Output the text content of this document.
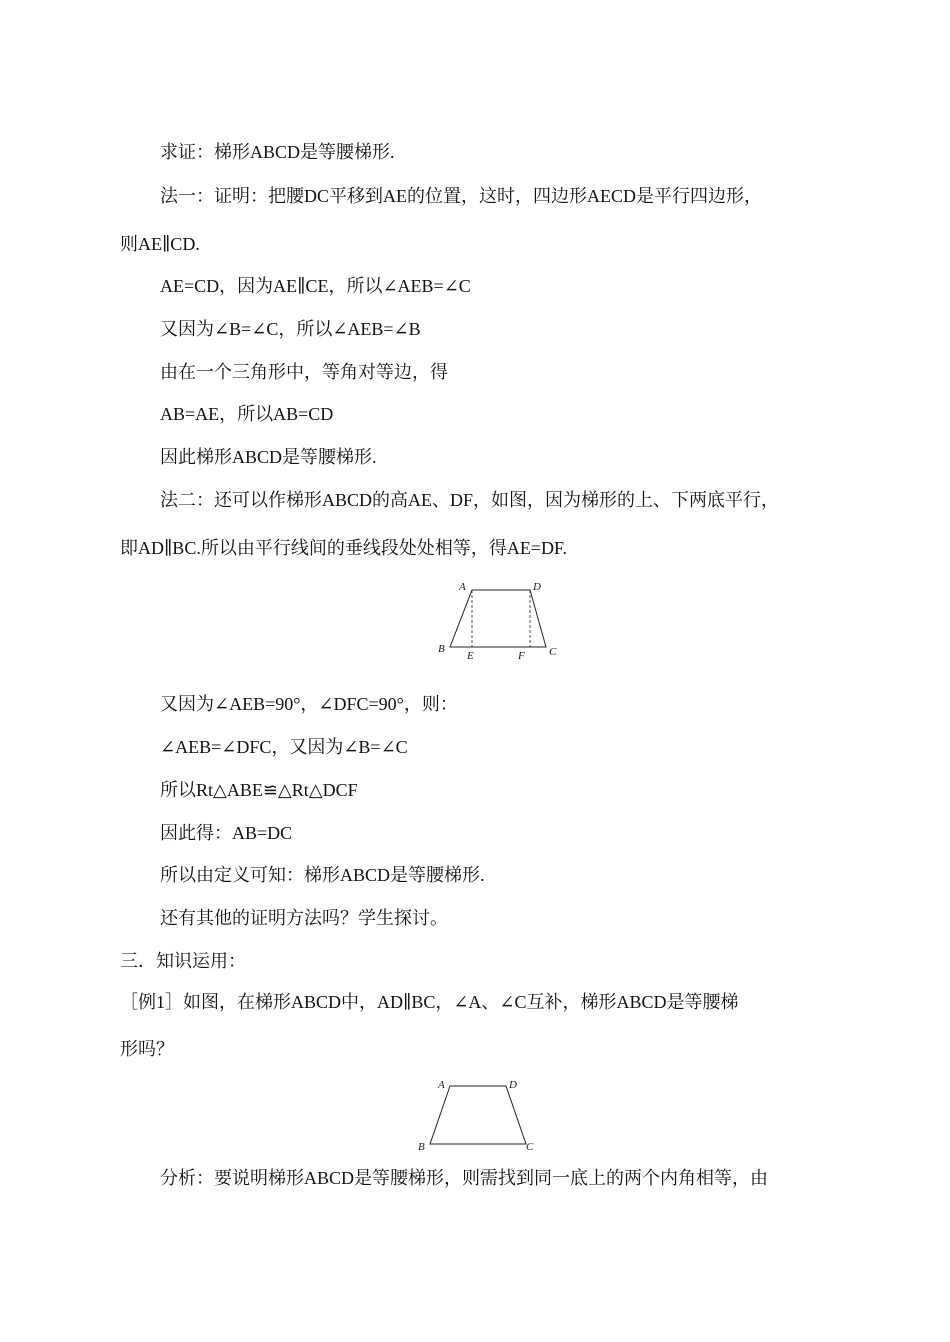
求证：梯形ABCD是等腰梯形.
法一：证明：把腰DC平移到AE的位置，这时，四边形AECD是平行四边形，
则AE∥CD.
AE=CD，因为AE∥CE，所以∠AEB=∠C
又因为∠B=∠C，所以∠AEB=∠B
由在一个三角形中，等角对等边，得
AB=AE，所以AB=CD
因此梯形ABCD是等腰梯形.
法二：还可以作梯形ABCD的高AE、DF，如图，因为梯形的上、下两底平行，
即AD∥BC.所以由平行线间的垂线段处处相等，得AE=DF.
A	D
B
E	F C
又因为∠AEB=90°，∠DFC=90°，则：
∠AEB=∠DFC，又因为∠B=∠C
所以Rt△ABE≌△Rt△DCF
因此得：AB=DC
所以由定义可知：梯形ABCD是等腰梯形.
还有其他的证明方法吗？学生探讨。
三．知识运用：
［例1］如图，在梯形ABCD中，AD∥BC，∠A、∠C互补，梯形ABCD是等腰梯
形吗？
A	D
B	C
分析：要说明梯形ABCD是等腰梯形，则需找到同一底上的两个内角相等，由
